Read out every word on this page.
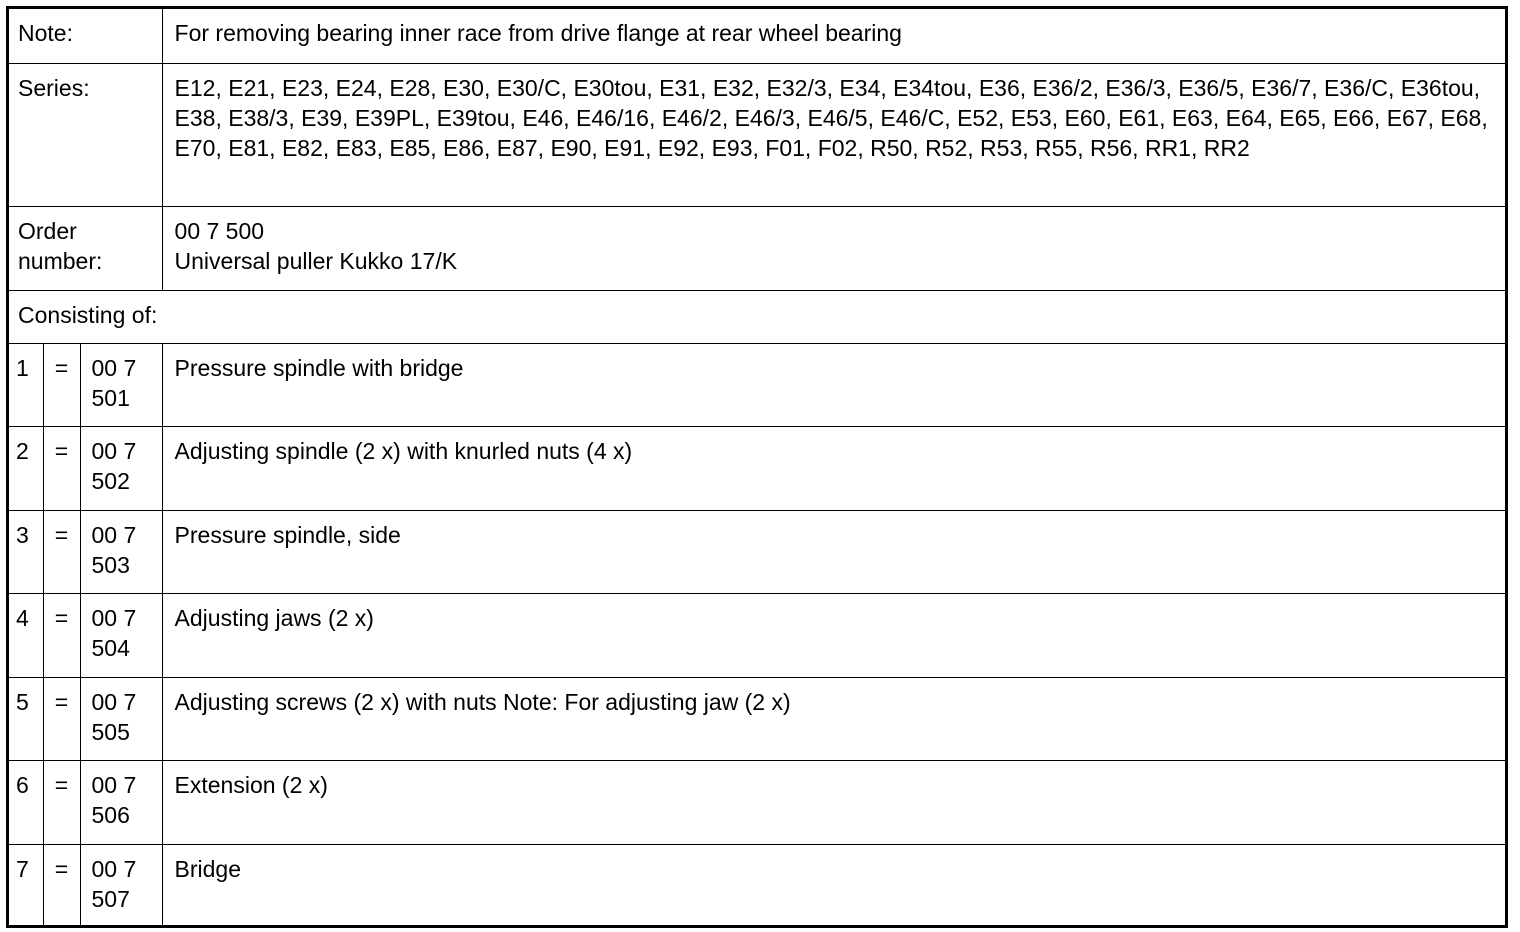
Note:			For removing bearing inner race from drive flange at rear wheel bearing
Series:			E12, E21, E23, E24, E28, E30, E30/C, E30tou, E31, E32, E32/3, E34, E34tou, E36, E36/2, E36/3, E36/5, E36/7, E36/C, E36tou, E38, E38/3, E39, E39PL, E39tou, E46, E46/16, E46/2, E46/3, E46/5, E46/C, E52, E53, E60, E61, E63, E64, E65, E66, E67, E68, E70, E81, E82, E83, E85, E86, E87, E90, E91, E92, E93, F01, F02, R50, R52, R53, R55, R56, RR1, RR2
Order number:			00 7 500
Universal puller Kukko 17/K

Consisting of:			
1	=	00 7 501	Pressure spindle with bridge
2	=	00 7 502	Adjusting spindle (2 x) with knurled nuts (4 x)
3	=	00 7 503	Pressure spindle, side
4	=	00 7 504	Adjusting jaws (2 x)
5	=	00 7 505	Adjusting screws (2 x) with nuts Note: For adjusting jaw (2 x)
6	=	00 7 506	Extension (2 x)
7	=	00 7 507	Bridge
